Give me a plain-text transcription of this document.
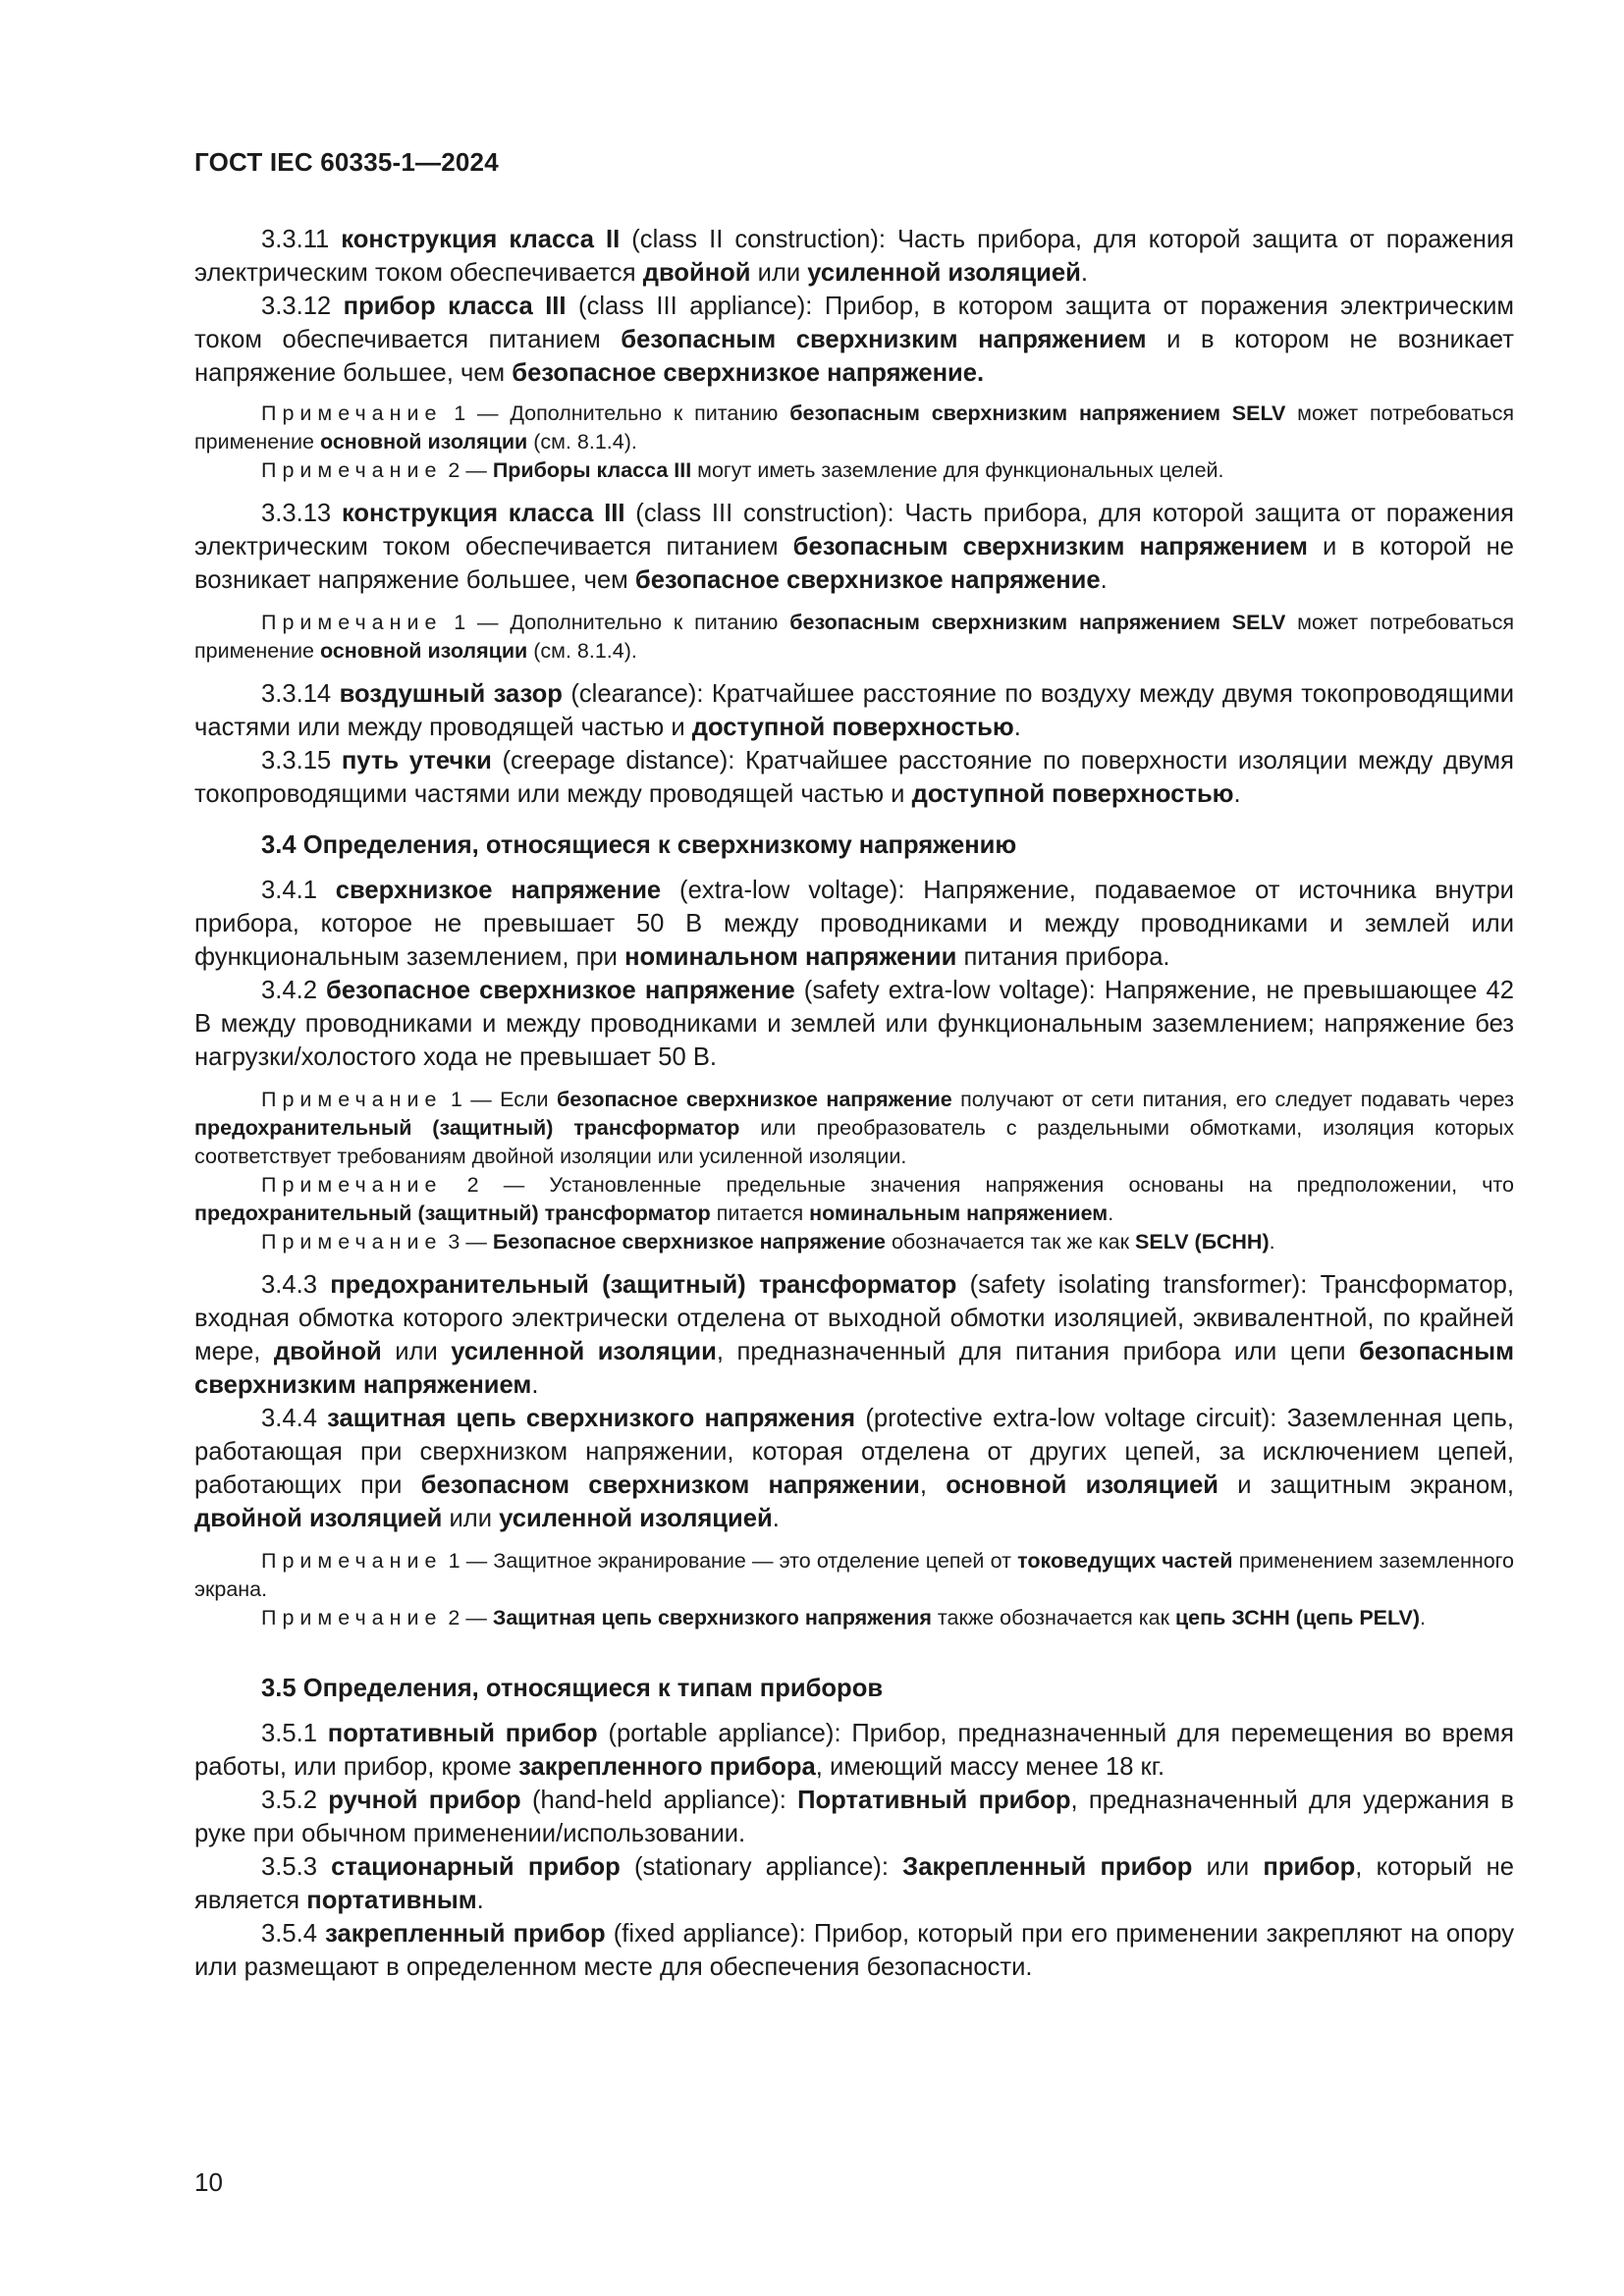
ГОСТ IEC 60335-1—2024
3.3.11 конструкция класса II (class II construction): Часть прибора, для которой защита от поражения электрическим током обеспечивается двойной или усиленной изоляцией.
3.3.12 прибор класса III (class III appliance): Прибор, в котором защита от поражения электрическим током обеспечивается питанием безопасным сверхнизким напряжением и в котором не возникает напряжение большее, чем безопасное сверхнизкое напряжение.
Примечание 1 — Дополнительно к питанию безопасным сверхнизким напряжением SELV может потребоваться применение основной изоляции (см. 8.1.4).
Примечание 2 — Приборы класса III могут иметь заземление для функциональных целей.
3.3.13 конструкция класса III (class III construction): Часть прибора, для которой защита от поражения электрическим током обеспечивается питанием безопасным сверхнизким напряжением и в которой не возникает напряжение большее, чем безопасное сверхнизкое напряжение.
Примечание 1 — Дополнительно к питанию безопасным сверхнизким напряжением SELV может потребоваться применение основной изоляции (см. 8.1.4).
3.3.14 воздушный зазор (clearance): Кратчайшее расстояние по воздуху между двумя токопроводящими частями или между проводящей частью и доступной поверхностью.
3.3.15 путь утечки (creepage distance): Кратчайшее расстояние по поверхности изоляции между двумя токопроводящими частями или между проводящей частью и доступной поверхностью.
3.4 Определения, относящиеся к сверхнизкому напряжению
3.4.1 сверхнизкое напряжение (extra-low voltage): Напряжение, подаваемое от источника внутри прибора, которое не превышает 50 В между проводниками и между проводниками и землей или функциональным заземлением, при номинальном напряжении питания прибора.
3.4.2 безопасное сверхнизкое напряжение (safety extra-low voltage): Напряжение, не превышающее 42 В между проводниками и между проводниками и землей или функциональным заземлением; напряжение без нагрузки/холостого хода не превышает 50 В.
Примечание 1 — Если безопасное сверхнизкое напряжение получают от сети питания, его следует подавать через предохранительный (защитный) трансформатор или преобразователь с раздельными обмотками, изоляция которых соответствует требованиям двойной изоляции или усиленной изоляции.
Примечание 2 — Установленные предельные значения напряжения основаны на предположении, что предохранительный (защитный) трансформатор питается номинальным напряжением.
Примечание 3 — Безопасное сверхнизкое напряжение обозначается так же как SELV (БСНН).
3.4.3 предохранительный (защитный) трансформатор (safety isolating transformer): Трансформатор, входная обмотка которого электрически отделена от выходной обмотки изоляцией, эквивалентной, по крайней мере, двойной или усиленной изоляции, предназначенный для питания прибора или цепи безопасным сверхнизким напряжением.
3.4.4 защитная цепь сверхнизкого напряжения (protective extra-low voltage circuit): Заземленная цепь, работающая при сверхнизком напряжении, которая отделена от других цепей, за исключением цепей, работающих при безопасном сверхнизком напряжении, основной изоляцией и защитным экраном, двойной изоляцией или усиленной изоляцией.
Примечание 1 — Защитное экранирование — это отделение цепей от токоведущих частей применением заземленного экрана.
Примечание 2 — Защитная цепь сверхнизкого напряжения также обозначается как цепь ЗСНН (цепь PELV).
3.5 Определения, относящиеся к типам приборов
3.5.1 портативный прибор (portable appliance): Прибор, предназначенный для перемещения во время работы, или прибор, кроме закрепленного прибора, имеющий массу менее 18 кг.
3.5.2 ручной прибор (hand-held appliance): Портативный прибор, предназначенный для удержания в руке при обычном применении/использовании.
3.5.3 стационарный прибор (stationary appliance): Закрепленный прибор или прибор, который не является портативным.
3.5.4 закрепленный прибор (fixed appliance): Прибор, который при его применении закрепляют на опору или размещают в определенном месте для обеспечения безопасности.
10
